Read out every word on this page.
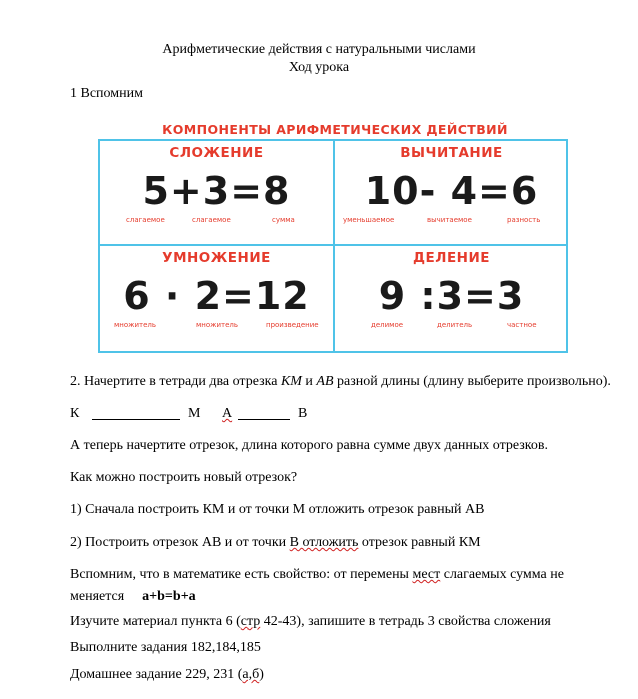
Арифметические действия с натуральными числами
Ход урока
1 Вспомним
КОМПОНЕНТЫ АРИФМЕТИЧЕСКИХ ДЕЙСТВИЙ
СЛОЖЕНИЕ
5+3=8
слагаемое	слагаемое	сумма
ВЫЧИТАНИЕ
10- 4=6
уменьшаемое	вычитаемое	разность
УМНОЖЕНИЕ
6 · 2=12
множитель	множитель	произведение
ДЕЛЕНИЕ
9 :3=3
делимое	делитель	частное
2. Начертите в тетради два отрезка КМ и АВ разной длины (длину выберите произвольно).
К	М А	В
А теперь начертите отрезок, длина которого равна сумме двух данных отрезков.
Как можно построить новый отрезок?
1) Сначала построить КМ и от точки М отложить отрезок равный АВ
2) Построить отрезок АВ и от точки В отложить отрезок равный КМ
Вспомним, что в математике есть свойство: от перемены мест слагаемых сумма не
меняется a+b=b+a
Изучите материал пункта 6 (стр 42-43), запишите в тетрадь 3 свойства сложения
Выполните задания 182,184,185
Домашнее задание 229, 231 (а,б)
